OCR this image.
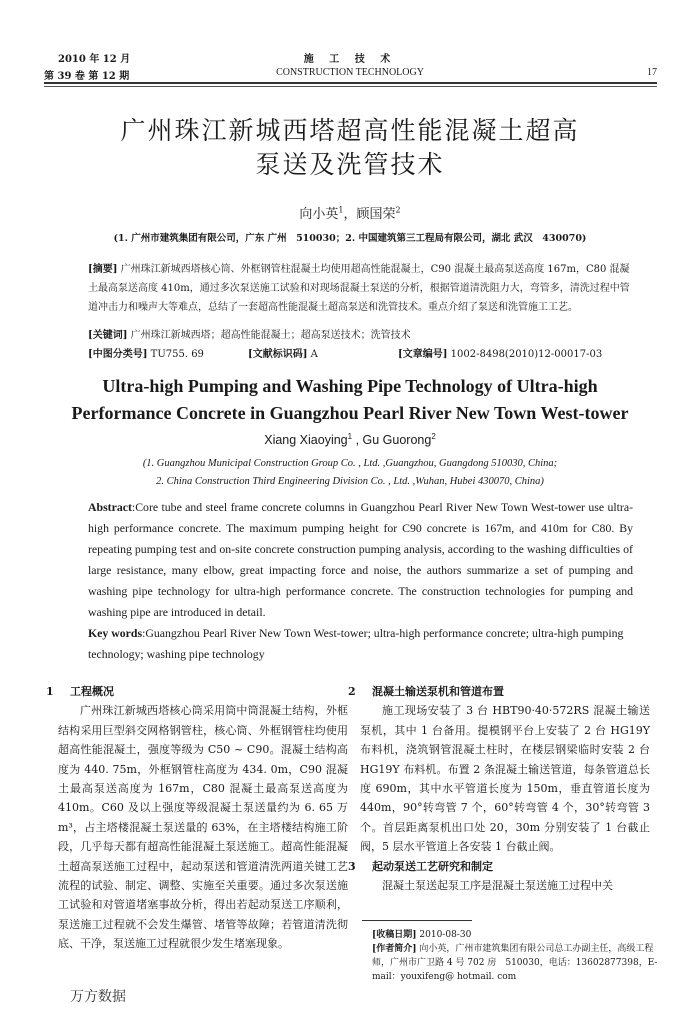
2010 年 12 月
第 39 卷 第 12 期
施 工 技 术
CONSTRUCTION TECHNOLOGY	17
广州珠江新城西塔超高性能混凝土超高
泵送及洗管技术
向小英$^1$，顾国荣$^2$
(1. 广州市建筑集团有限公司，广东 广州　510030；2. 中国建筑第三工程局有限公司，湖北 武汉　430070)
[摘要] 广州珠江新城西塔核心筒、外框钢管柱混凝土均使用超高性能混凝土，C90 混凝土最高泵送高度 167m，C80 混凝土最高泵送高度 410m，通过多次泵送施工试验和对现场混凝土泵送的分析，根据管道清洗阻力大，弯管多，清洗过程中管道冲击力和噪声大等难点，总结了一套超高性能混凝土超高泵送和洗管技术。重点介绍了泵送和洗管施工工艺。
[关键词] 广州珠江新城西塔；超高性能混凝土；超高泵送技术；洗管技术
[中图分类号] TU755. 69	[文献标识码] A	[文章编号] 1002-8498(2010)12-00017-03
Ultra-high Pumping and Washing Pipe Technology of Ultra-high
Performance Concrete in Guangzhou Pearl River New Town West-tower
Xiang Xiaoying$^1$ , Gu Guorong$^2$
(1. Guangzhou Municipal Construction Group Co. , Ltd. ,Guangzhou, Guangdong 510030, China;
2. China Construction Third Engineering Division Co. , Ltd. ,Wuhan, Hubei 430070, China)
Abstract:Core tube and steel frame concrete columns in Guangzhou Pearl River New Town West-tower use ultra-high performance concrete. The maximum pumping height for C90 concrete is 167m, and 410m for C80. By repeating pumping test and on-site concrete construction pumping analysis, according to the washing difficulties of large resistance, many elbow, great impacting force and noise, the authors summarize a set of pumping and washing pipe technology for ultra-high performance concrete. The construction technologies for pumping and washing pipe are introduced in detail.
Key words:Guangzhou Pearl River New Town West-tower; ultra-high performance concrete; ultra-high pumping technology; washing pipe technology
1 工程概况
广州珠江新城西塔核心筒采用筒中筒混凝土结构，外框结构采用巨型斜交网格钢管柱，核心筒、外框钢管柱均使用超高性能混凝土，强度等级为 C50 ~ C90。混凝土结构高度为 440. 75m，外框钢管柱高度为 434. 0m，C90 混凝土最高泵送高度为 167m，C80 混凝土最高泵送高度为 410m。C60 及以上强度等级混凝土泵送量约为 6. 65 万 m³，占主塔楼混凝土泵送量的 63%，在主塔楼结构施工阶段，几乎每天都有超高性能混凝土泵送施工。超高性能混凝土超高泵送施工过程中，起动泵送和管道清洗两道关键工艺流程的试验、制定、调整、实施至关重要。通过多次泵送施工试验和对管道堵塞事故分析，得出若起动泵送工序顺利，泵送施工过程就不会发生爆管、堵管等故障；若管道清洗彻底、干净，泵送施工过程就很少发生堵塞现象。
2 混凝土输送泵机和管道布置
施工现场安装了 3 台 HBT90·40·572RS 混凝土输送泵机，其中 1 台备用。提模钢平台上安装了 2 台 HG19Y 布料机，浇筑钢管混凝土柱时，在楼层钢梁临时安装 2 台 HG19Y 布料机。布置 2 条混凝土输送管道，每条管道总长度 690m，其中水平管道长度为 150m，垂直管道长度为 440m，90°转弯管 7 个，60°转弯管 4 个，30°转弯管 3 个。首层距离泵机出口处 20，30m 分别安装了 1 台截止阀，5 层水平管道上各安装 1 台截止阀。
3 起动泵送工艺研究和制定
混凝土泵送起泵工序是混凝土泵送施工过程中关
[收稿日期] 2010-08-30
[作者简介] 向小英，广州市建筑集团有限公司总工办副主任，高级工程师，广州市广卫路 4 号 702 房　510030，电话：13602877398，E-mail：youxifeng@ hotmail. com
万方数据
